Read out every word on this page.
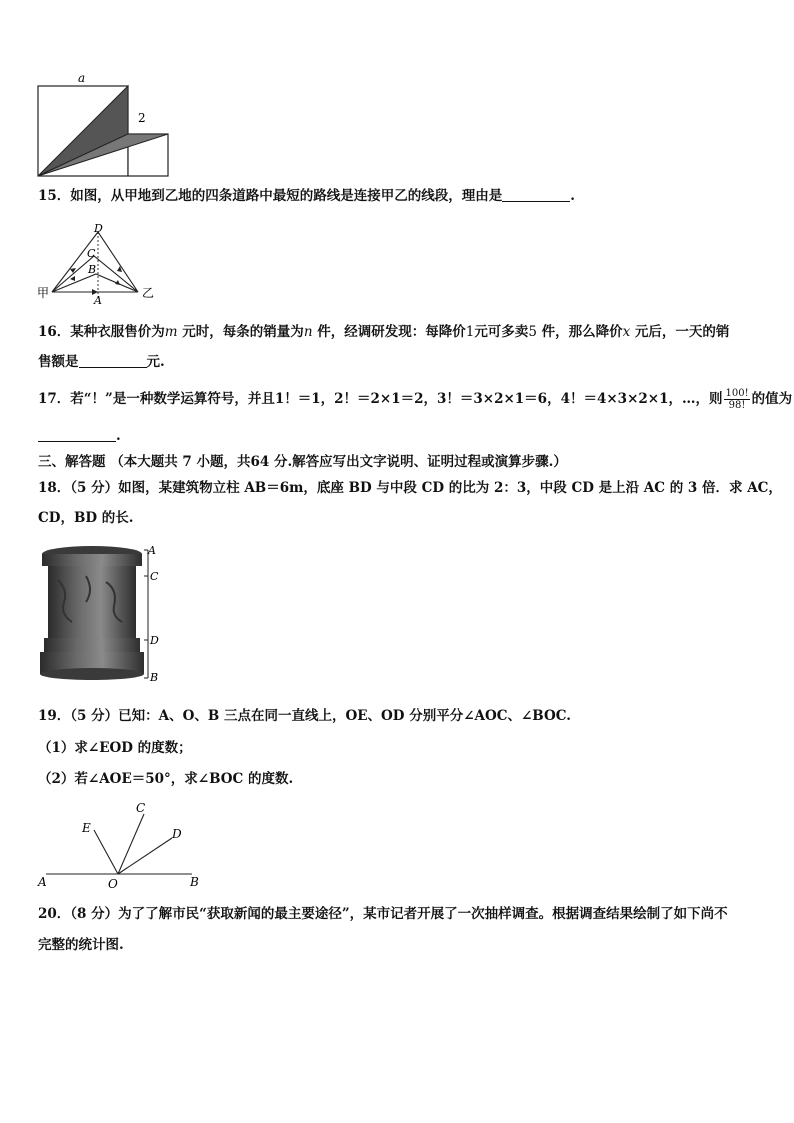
a
2
15．如图，从甲地到乙地的四条道路中最短的路线是连接甲乙的线段，理由是	.
D
C
B
A
甲	乙
16．某种衣服售价为m 元时，每条的销量为n 件，经调研发现：每降价1元可多卖5 件，那么降价x 元后，一天的销
售额是	元.
17．若“！”是一种数学运算符号，并且1！＝1，2！＝2×1＝2，3！＝3×2×1＝6，4！＝4×3×2×1，…，则 $\frac{100!}{98!}$ 的值为
.
三、解答题 （本大题共 7 小题，共64 分.解答应写出文字说明、证明过程或演算步骤.）
18．（5 分）如图，某建筑物立柱 AB＝6m，底座 BD 与中段 CD 的比为 2：3，中段 CD 是上沿 AC 的 3 倍．求 AC，
CD，BD 的长.
A
C
D
B
19．（5 分）已知：A、O、B 三点在同一直线上，OE、OD 分别平分∠AOC、∠BOC.
（1）求∠EOD 的度数；
（2）若∠AOE＝50°，求∠BOC 的度数.
A	O	B
C
D
E
20．（8 分）为了了解市民“获取新闻的最主要途径”，某市记者开展了一次抽样调查。根据调查结果绘制了如下尚不
完整的统计图.
